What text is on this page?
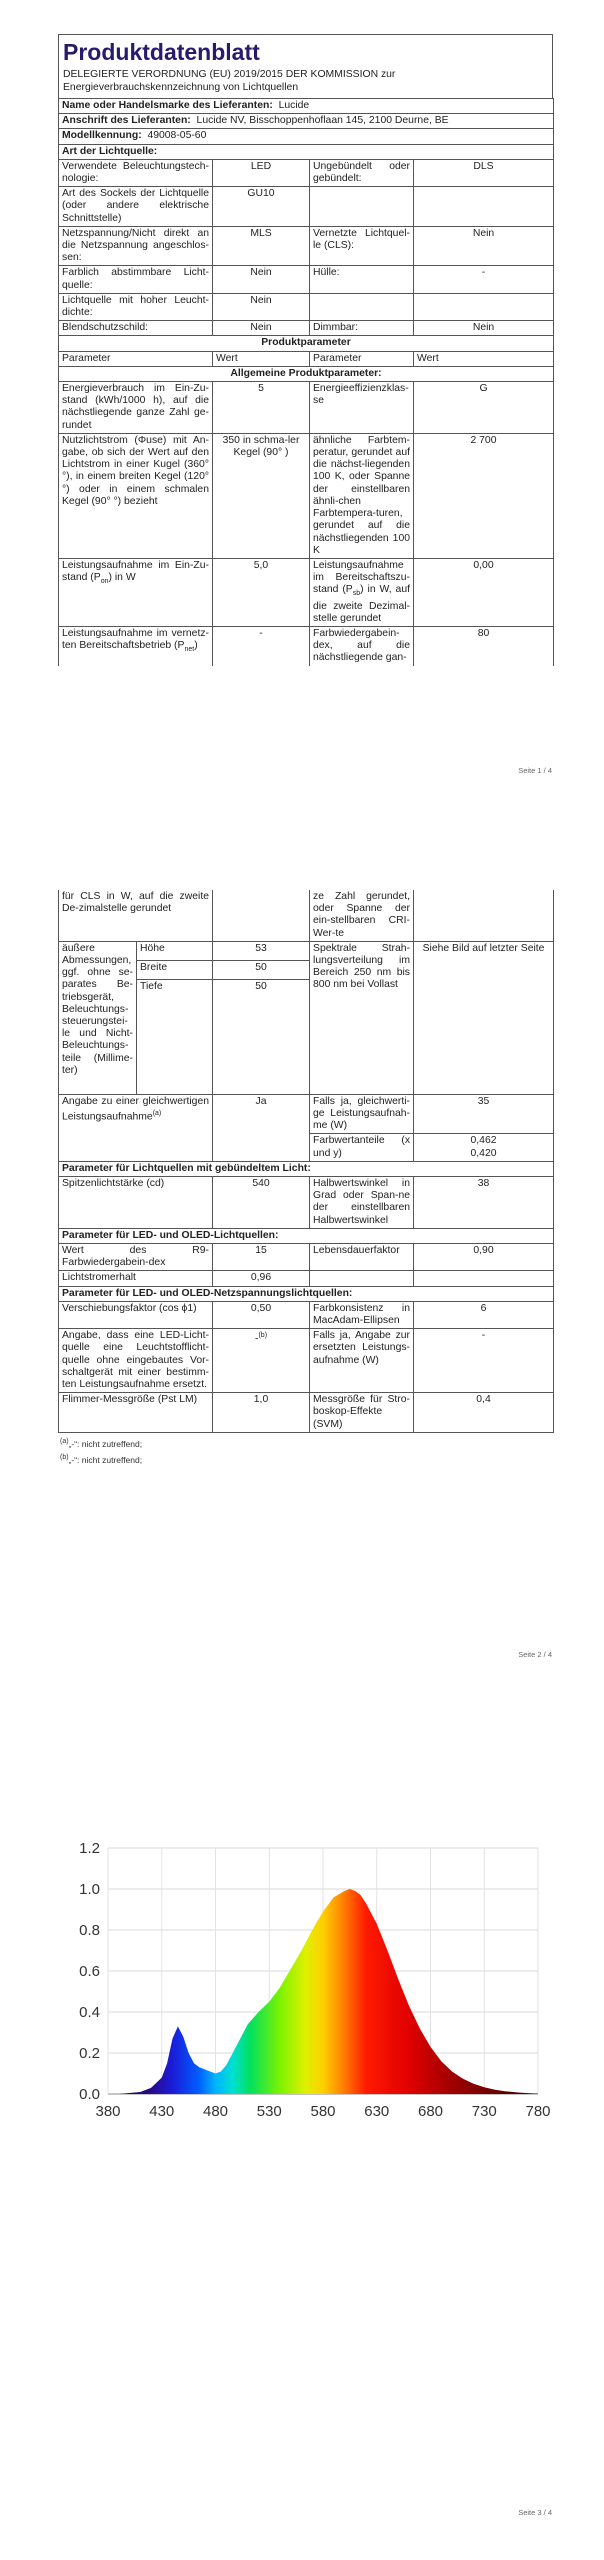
Produktdatenblatt
DELEGIERTE VERORDNUNG (EU) 2019/2015 DER KOMMISSION zur
Energieverbrauchskennzeichnung von Lichtquellen
Name oder Handelsmarke des Lieferanten: Lucide			
Anschrift des Lieferanten: Lucide NV, Bisschoppenhoflaan 145, 2100 Deurne, BE			
Modellkennung: 49008-05-60			
Art der Lichtquelle:			
Verwendete Beleuchtungstech-nologie:	LED	Ungebündelt oder gebündelt:	DLS
Art des Sockels der Lichtquelle (oder andere elektrische Schnittstelle)	GU10		
Netzspannung/Nicht direkt an die Netzspannung angeschlos-sen:	MLS	Vernetzte Lichtquel-le (CLS):	Nein
Farblich abstimmbare Licht-quelle:	Nein	Hülle:	-
Lichtquelle mit hoher Leucht-dichte:	Nein		
Blendschutzschild:	Nein	Dimmbar:	Nein
Produktparameter			
Parameter	Wert	Parameter	Wert
Allgemeine Produktparameter:			
Energieverbrauch im Ein-Zu-stand (kWh/1000 h), auf die nächstliegende ganze Zahl ge-rundet	5	Energieeffizienzklas-se	G
Nutzlichtstrom (Φuse) mit An-gabe, ob sich der Wert auf den Lichtstrom in einer Kugel (360° °), in einem breiten Kegel (120° °) oder in einem schmalen Kegel (90° °) bezieht	350 in schma-ler Kegel (90° )	ähnliche Farbtem-peratur, gerundet auf die nächst-liegenden 100 K, oder Spanne der einstellbaren ähnli-chen Farbtempera-turen, gerundet auf die nächstliegenden 100 K	2 700
Leistungsaufnahme im Ein-Zu-stand $(P_{on})$ in W	5,0	Leistungsaufnahme im Bereitschaftszu-stand $(P_{sb})$ in W, auf die zweite Dezimal-stelle gerundet	0,00
Leistungsaufnahme im vernetz-ten Bereitschaftsbetrieb $(P_{net})$	-	Farbwiedergabein-dex, auf die nächstliegende gan-	80
Seite 1 / 4
für CLS in W, auf die zweite De-zimalstelle gerundet			ze Zahl gerundet, oder Spanne der ein-stellbaren CRI-Wer-te	
äußere Abmessungen, ggf. ohne se-parates Be-triebsgerät, Beleuchtungs-steuerungstei-le und Nicht-Beleuchtungs-teile (Millime-ter)	Höhe	53	Spektrale Strah-lungsverteilung im Bereich 250 nm bis 800 nm bei Vollast	Siehe Bild auf letzter Seite
	Breite	50		
	Tiefe	50		
Angabe zu einer gleichwertigen Leistungsaufnahme$^{(a)}$		Ja	Falls ja, gleichwerti-ge Leistungsaufnah-me (W)	35
			Farbwertanteile (x und y)	0,462
0,420

Parameter für Lichtquellen mit gebündeltem Licht:				
Spitzenlichtstärke (cd)		540	Halbwertswinkel in Grad oder Span-ne der einstellbaren Halbwertswinkel	38
Parameter für LED- und OLED-Lichtquellen:				
Wert des R9-Farbwiedergabein-dex		15	Lebensdauerfaktor	0,90
Lichtstromerhalt		0,96		
Parameter für LED- und OLED-Netzspannungslichtquellen:				
Verschiebungsfaktor (cos ϕ1)		0,50	Farbkonsistenz in MacAdam-Ellipsen	6
Angabe, dass eine LED-Licht-quelle eine Leuchtstofflicht-quelle ohne eingebautes Vor-schaltgerät mit einer bestimm-ten Leistungsaufnahme ersetzt.		-$^{(b)}$	Falls ja, Angabe zur ersetzten Leistungs-aufnahme (W)	-
Flimmer-Messgröße (Pst LM)		1,0	Messgröße für Stro-boskop-Effekte (SVM)	0,4
$^{(a)}$„-“: nicht zutreffend;
$^{(b)}$„-“: nicht zutreffend;
Seite 2 / 4
0.0
0.2
0.4
0.6
0.8
1.0
1.2
380 430 480 530 580 630 680 730 780
Seite 3 / 4
